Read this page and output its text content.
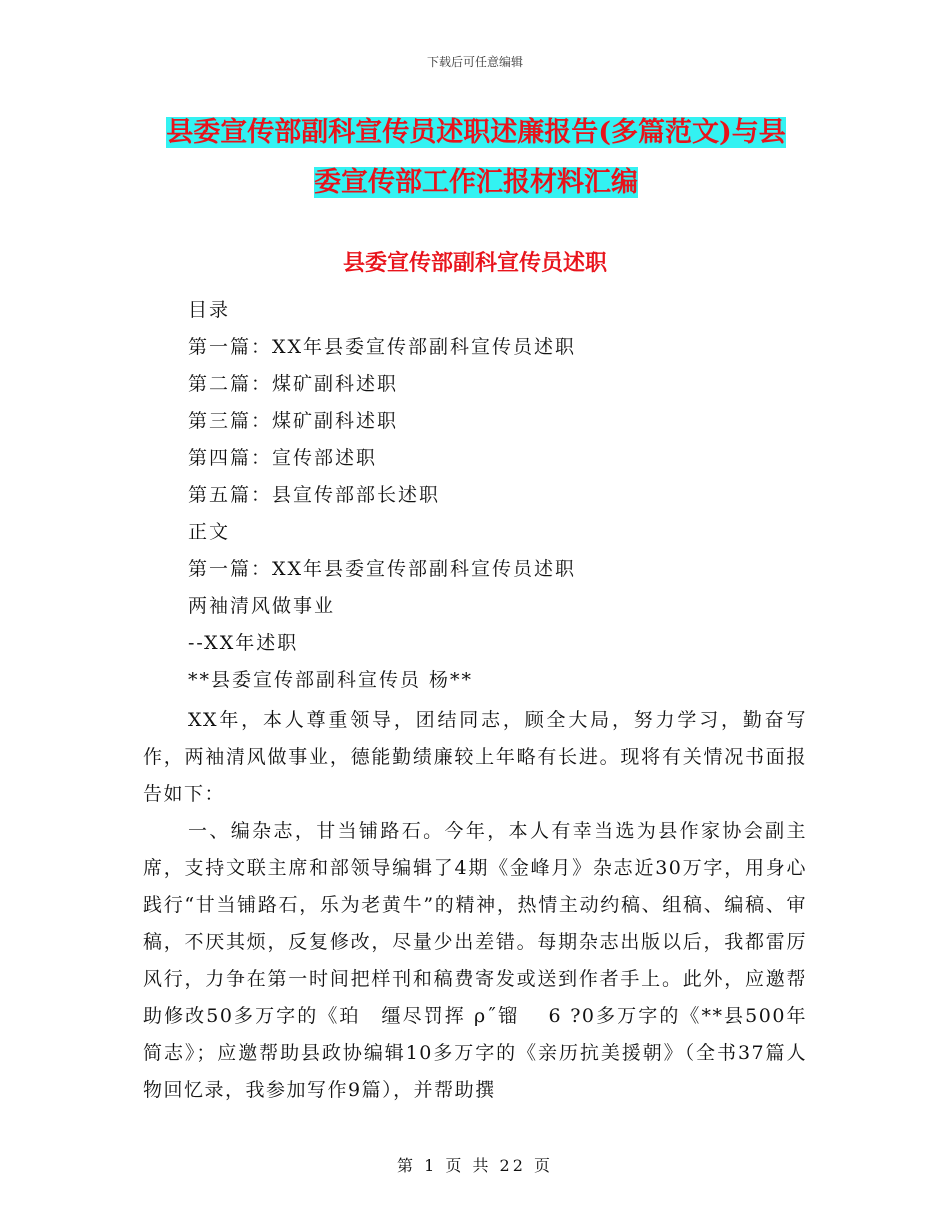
下载后可任意编辑
县委宣传部副科宣传员述职述廉报告(多篇范文)与县
委宣传部工作汇报材料汇编
县委宣传部副科宣传员述职
目录
第一篇：XX年县委宣传部副科宣传员述职
第二篇：煤矿副科述职
第三篇：煤矿副科述职
第四篇：宣传部述职
第五篇：县宣传部部长述职
正文
第一篇：XX年县委宣传部副科宣传员述职
两袖清风做事业
--XX年述职
**县委宣传部副科宣传员 杨**

XX年，本人尊重领导，团结同志，顾全大局，努力学习，勤奋写作，两袖清风做事业，德能勤绩廉较上年略有长进。现将有关情况书面报告如下：

一、编杂志，甘当铺路石。今年，本人有幸当选为县作家协会副主席，支持文联主席和部领导编辑了4期《金峰月》杂志近30万字，用身心践行“甘当铺路石，乐为老黄牛”的精神，热情主动约稿、组稿、编稿、审稿，不厌其烦，反复修改，尽量少出差错。每期杂志出版以后，我都雷厉风行，力争在第一时间把样刊和稿费寄发或送到作者手上。此外，应邀帮助修改50多万字的《珀　缰尽罚挥 ρ˝镏　 6 ?0多万字的《**县500年简志》；应邀帮助县政协编辑10多万字的《亲历抗美援朝》（全书37篇人物回忆录，我参加写作9篇），并帮助撰

第 1 页 共 22 页
